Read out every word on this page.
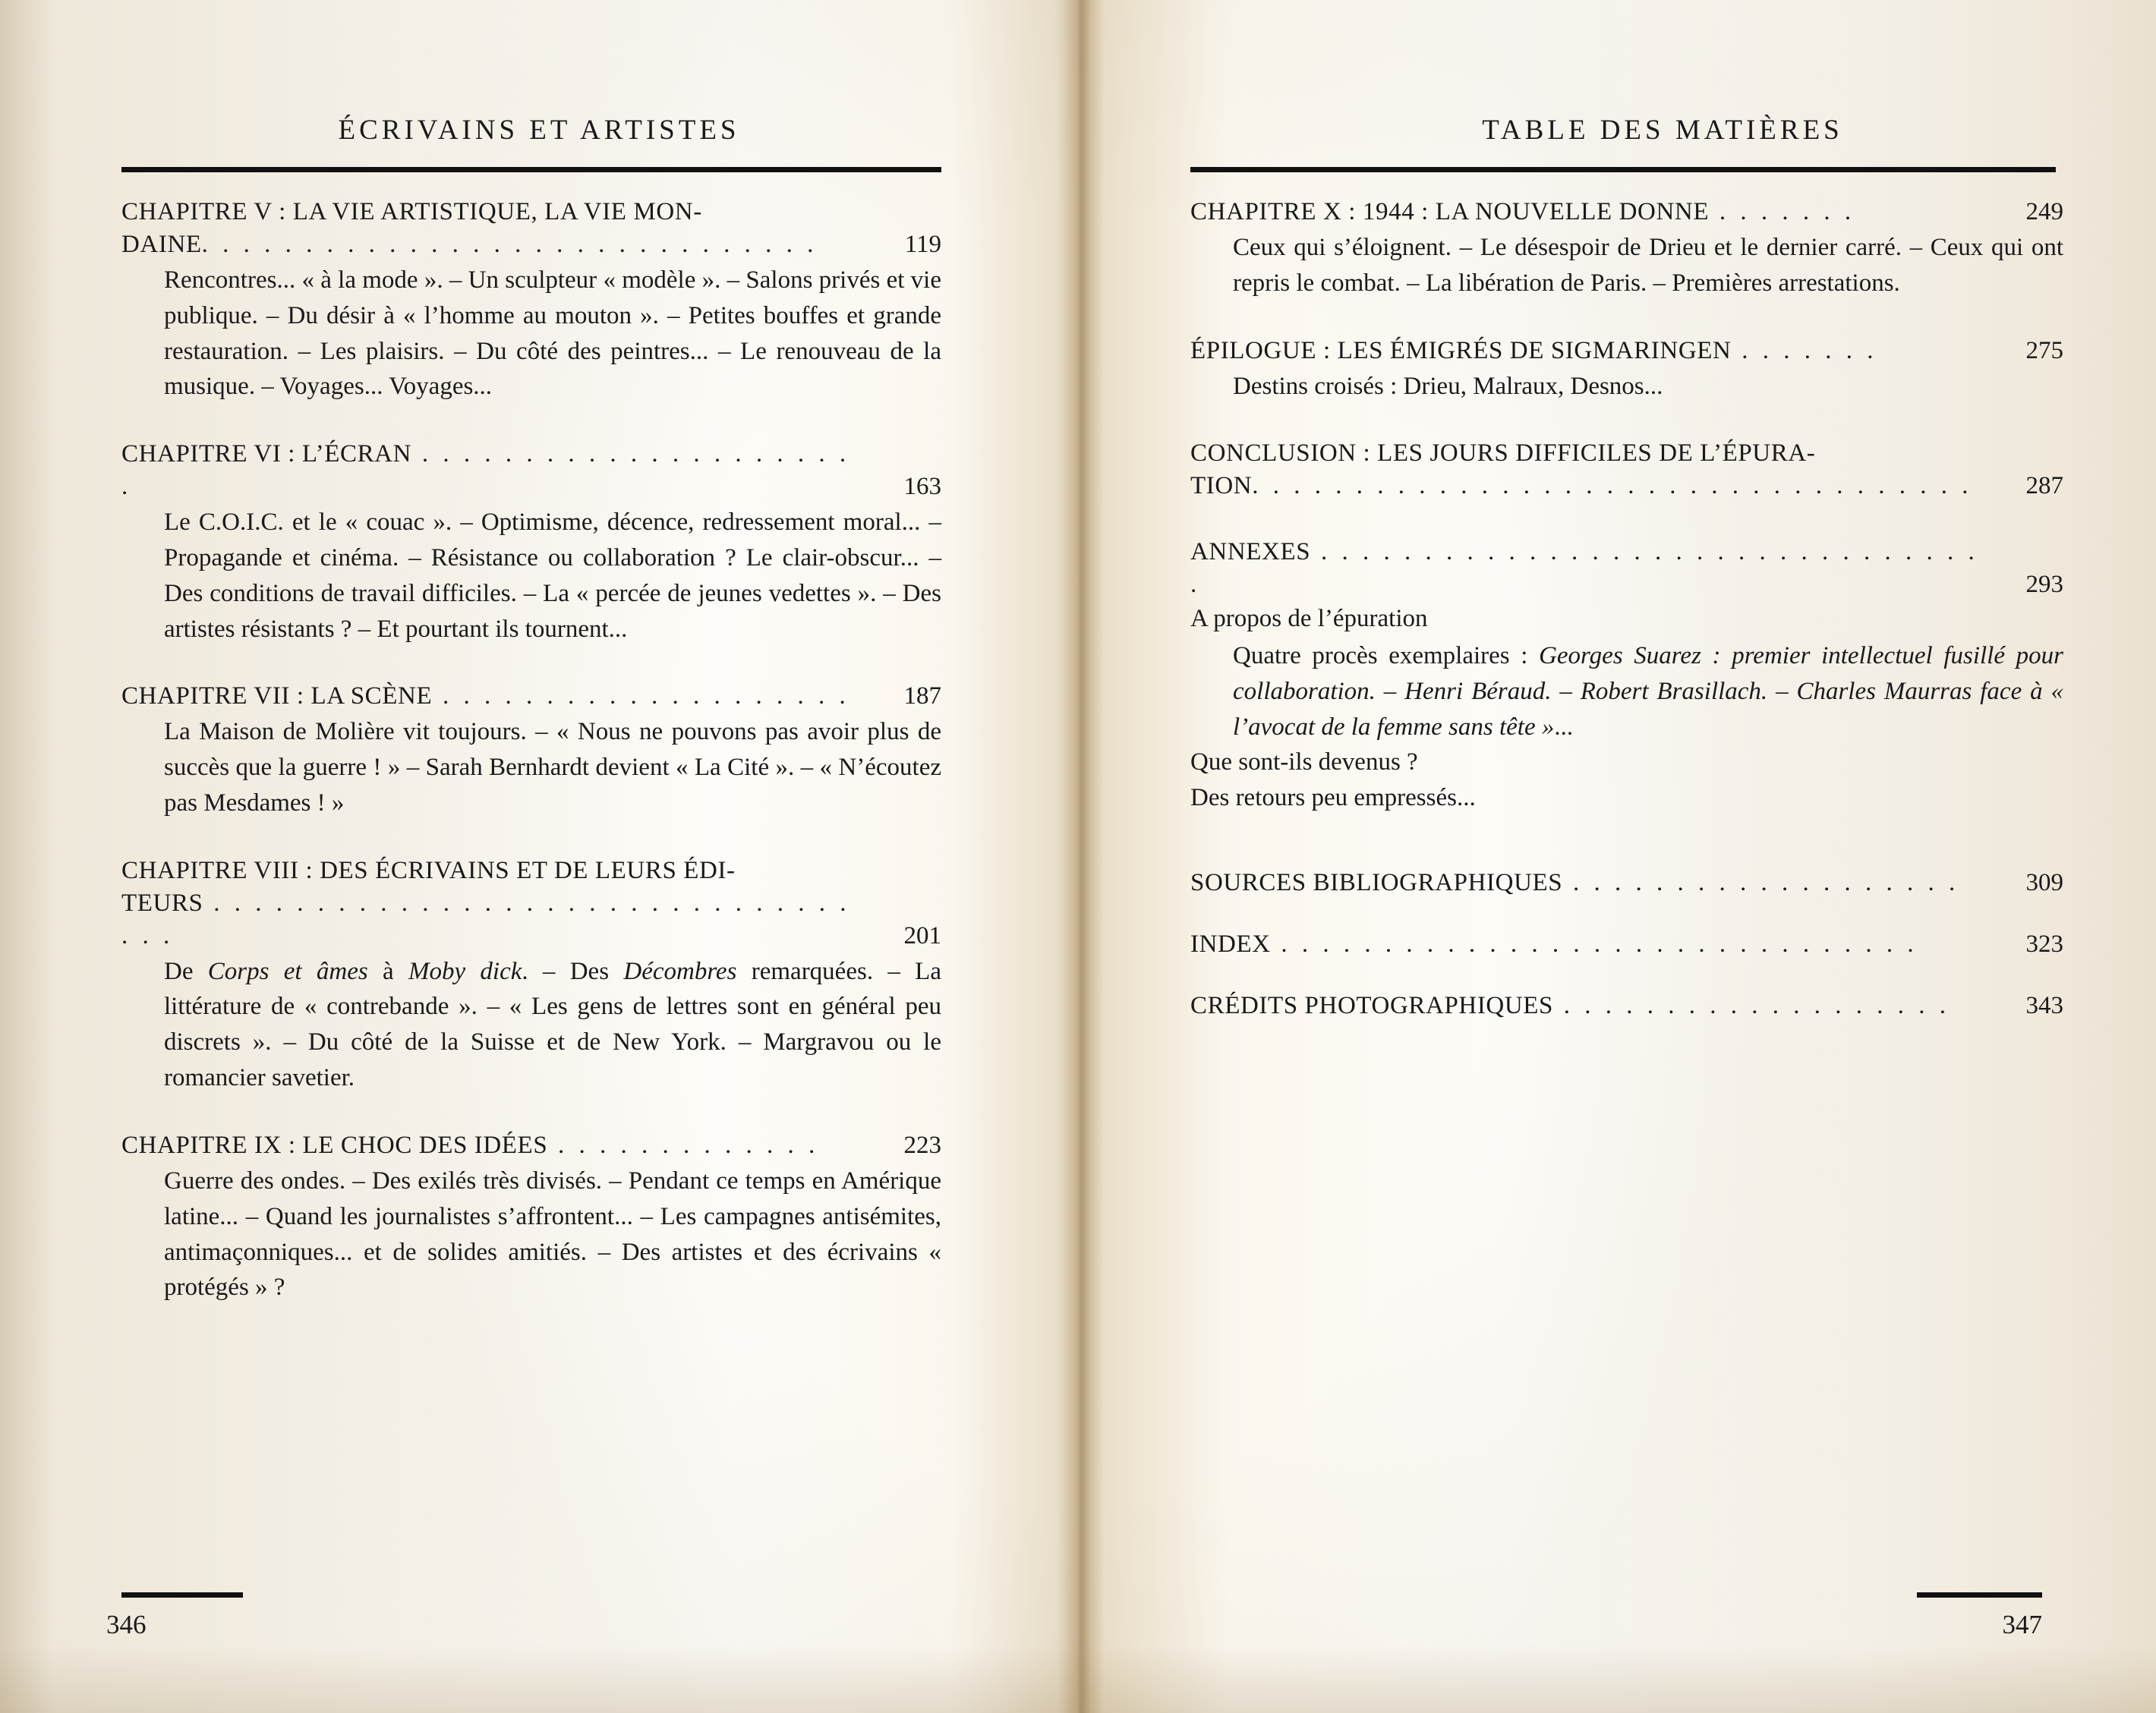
ÉCRIVAINS ET ARTISTES
CHAPITRE V : LA VIE ARTISTIQUE, LA VIE MON-
DAINE. . . . . . . . . . . . . . . . . . . . . . . . . . . . . .	119
Rencontres... « à la mode ». – Un sculpteur « modèle ». – Salons privés et vie publique. – Du désir à « l’homme au mouton ». – Petites bouffes et grande restauration. – Les plaisirs. – Du côté des peintres... – Le renouveau de la musique. – Voyages... Voyages...
CHAPITRE VI : L’ÉCRAN . . . . . . . . . . . . . . . . . . . . . .	163
Le C.O.I.C. et le « couac ». – Optimisme, décence, redressement moral... – Propagande et cinéma. – Résistance ou collaboration ? Le clair-obscur... – Des conditions de travail difficiles. – La « percée de jeunes vedettes ». – Des artistes résistants ? – Et pourtant ils tournent...
CHAPITRE VII : LA SCÈNE . . . . . . . . . . . . . . . . . . . . 187
La Maison de Molière vit toujours. – « Nous ne pouvons pas avoir plus de succès que la guerre ! » – Sarah Bernhardt devient « La Cité ». – « N’écoutez pas Mesdames ! »
CHAPITRE VIII : DES ÉCRIVAINS ET DE LEURS ÉDI-
TEURS . . . . . . . . . . . . . . . . . . . . . . . . . . . . . . . . . .	201
De Corps et âmes à Moby dick. – Des Décombres remarquées. – La littérature de « contrebande ». – « Les gens de lettres sont en général peu discrets ». – Du côté de la Suisse et de New York. – Margravou ou le romancier savetier.
CHAPITRE IX : LE CHOC DES IDÉES . . . . . . . . . . . . .	223
Guerre des ondes. – Des exilés très divisés. – Pendant ce temps en Amérique latine... – Quand les journalistes s’affrontent... – Les campagnes antisémites, antimaçonniques... et de solides amitiés. – Des artistes et des écrivains « protégés » ?
346
TABLE DES MATIÈRES
CHAPITRE X : 1944 : LA NOUVELLE DONNE . . . . . . .	249
Ceux qui s’éloignent. – Le désespoir de Drieu et le dernier carré. – Ceux qui ont repris le combat. – La libération de Paris. – Premières arrestations.
ÉPILOGUE : LES ÉMIGRÉS DE SIGMARINGEN . . . . . . .	275
Destins croisés : Drieu, Malraux, Desnos...
CONCLUSION : LES JOURS DIFFICILES DE L’ÉPURA-
TION. . . . . . . . . . . . . . . . . . . . . . . . . . . . . . . . . . . 287
ANNEXES . . . . . . . . . . . . . . . . . . . . . . . . . . . . . . . . .	293
A propos de l’épuration
Quatre procès exemplaires : Georges Suarez : premier intellectuel fusillé pour collaboration. – Henri Béraud. – Robert Brasillach. – Charles Maurras face à « l’avocat de la femme sans tête »...
Que sont-ils devenus ?
Des retours peu empressés...
SOURCES BIBLIOGRAPHIQUES . . . . . . . . . . . . . . . . . . .	309
INDEX . . . . . . . . . . . . . . . . . . . . . . . . . . . . . . .	323
CRÉDITS PHOTOGRAPHIQUES . . . . . . . . . . . . . . . . . . .	343
347
